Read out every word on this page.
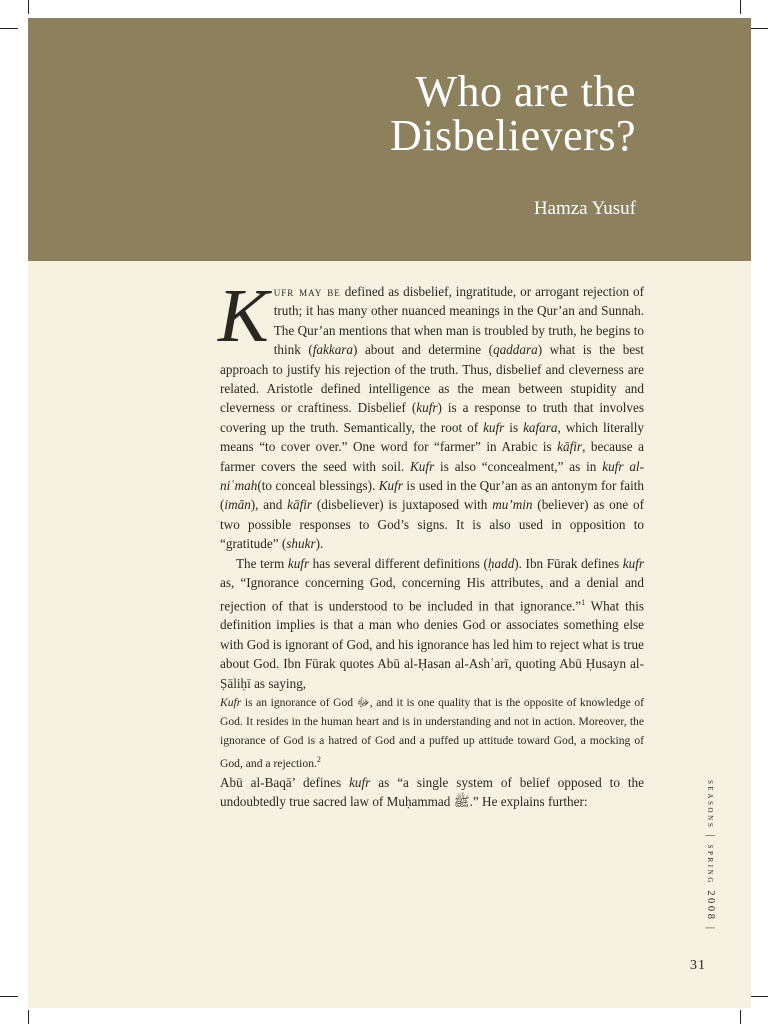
Who are the
Disbelievers?
Hamza Yusuf

Kufr may be defined as disbelief, ingratitude, or arrogant rejection of truth; it has many other nuanced meanings in the Qur’an and Sunnah. The Qur’an mentions that when man is troubled by truth, he begins to think (fakkara) about and determine (qaddara) what is the best approach to justify his rejection of the truth. Thus, disbelief and cleverness are related. Aristotle defined intelligence as the mean between stupidity and cleverness or craftiness. Disbelief (kufr) is a response to truth that involves covering up the truth. Semantically, the root of kufr is kafara, which literally means “to cover over.” One word for “farmer” in Arabic is kāfir, because a farmer covers the seed with soil. Kufr is also “concealment,” as in kufr al-niʿmah(to conceal blessings). Kufr is used in the Qur’an as an antonym for faith (imān), and kāfir (disbeliever) is juxtaposed with mu’min (believer) as one of two possible responses to God’s signs. It is also used in opposition to “gratitude” (shukr).

The term kufr has several different definitions (ḥadd). Ibn Fūrak defines kufr as, “Ignorance concerning God, concerning His attributes, and a denial and rejection of that is understood to be included in that ignorance.”$^1$ What this definition implies is that a man who denies God or associates something else with God is ignorant of God, and his ignorance has led him to reject what is true about God. Ibn Fūrak quotes Abū al-Ḥasan al-Ashʿarī, quoting Abū Ḥusayn al-Ṣāliḥī as saying,

Kufr is an ignorance of God ﷻ, and it is one quality that is the opposite of knowledge of God. It resides in the human heart and is in understanding and not in action. Moreover, the ignorance of God is a hatred of God and a puffed up attitude toward God, a mocking of God, and a rejection.$^2$

Abū al-Baqā’ defines kufr as “a single system of belief opposed to the undoubtedly true sacred law of Muḥammad ﷺ.” He explains further:	seasons | spring 2008 |
31
